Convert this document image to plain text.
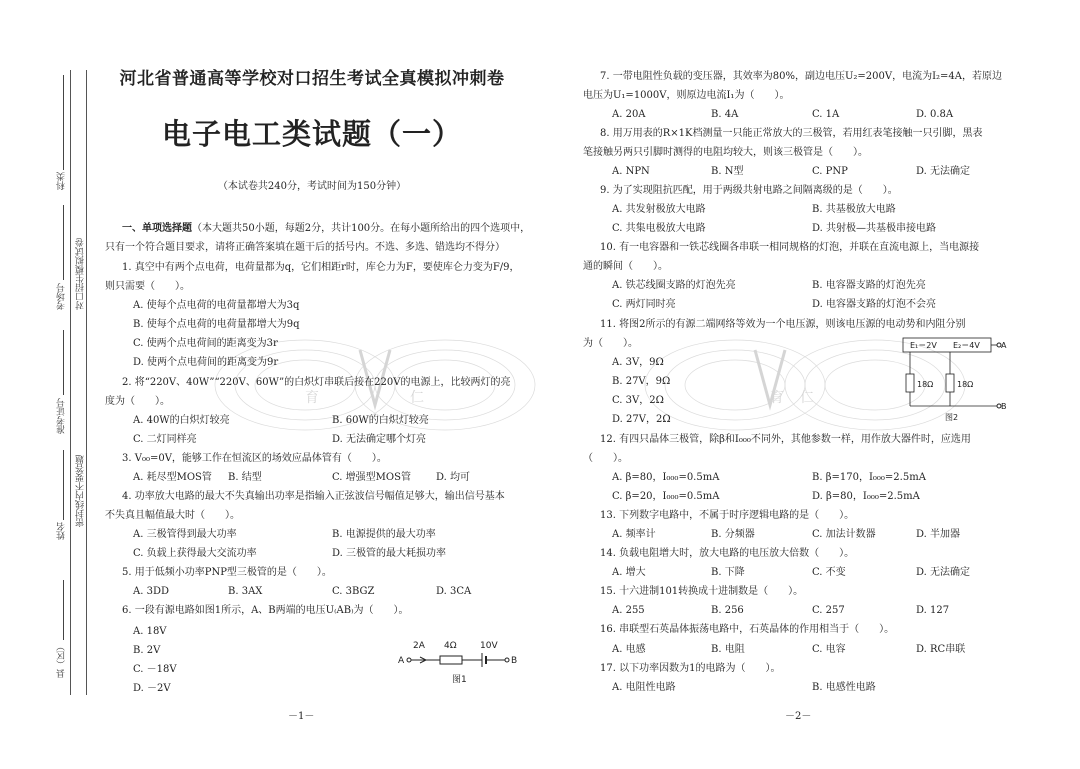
科类
考场号
准考证号
姓名
县（区）
对口招生模拟试卷
密封线内不要答题
育	仁	育 仁
河北省普通高等学校对口招生考试全真模拟冲刺卷
电子电工类试题（一）
（本试卷共240分，考试时间为150分钟）
一、单项选择题（本大题共50小题，每题2分，共计100分。在每小题所给出的四个选项中，
只有一个符合题目要求，请将正确答案填在题干后的括号内。不选、多选、错选均不得分）
1. 真空中有两个点电荷，电荷量都为q，它们相距r时，库仑力为F，要使库仑力变为F/9，
则只需要（　　）。
A. 使每个点电荷的电荷量都增大为3q
B. 使每个点电荷的电荷量都增大为9q
C. 使两个点电荷间的距离变为3r
D. 使两个点电荷间的距离变为9r
2. 将“220V、40W”“220V、60W”的白炽灯串联后接在220V的电源上，比较两灯的亮
度为（　　）。
A. 40W的白炽灯较亮	B. 60W的白炽灯较亮
C. 二灯同样亮	D. 无法确定哪个灯亮
3. V₀₀=0V，能够工作在恒流区的场效应晶体管有（　　）。
A. 耗尽型MOS管 B. 结型	C. 增强型MOS管	D. 均可
4. 功率放大电路的最大不失真输出功率是指输入正弦波信号幅值足够大，输出信号基本
不失真且幅值最大时（　　）。
A. 三极管得到最大功率	B. 电源提供的最大功率
C. 负载上获得最大交流功率	D. 三极管的最大耗损功率
5. 用于低频小功率PNP型三极管的是（　　）。
A. 3DD	B. 3AX	C. 3BGZ	D. 3CA
6. 一段有源电路如图1所示，A、B两端的电压U₍AB₎为（　　）。
A. 18V
B. 2V
C. －18V
D. －2V
2A 4Ω	10V
A	B
图1
－1－
7. 一带电阻性负载的变压器，其效率为80%，副边电压U₂=200V，电流为I₂=4A，若原边
电压为U₁=1000V，则原边电流I₁为（　　）。
A. 20A	B. 4A	C. 1A	D. 0.8A
8. 用万用表的R×1K档测量一只能正常放大的三极管，若用红表笔接触一只引脚，黑表
笔接触另两只引脚时测得的电阻均较大，则该三极管是（　　）。
A. NPN	B. N型	C. PNP	D. 无法确定
9. 为了实现阻抗匹配，用于两级共射电路之间隔离级的是（　　）。
A. 共发射极放大电路	B. 共基极放大电路
C. 共集电极放大电路	D. 共射极—共基极串接电路
10. 有一电容器和一铁芯线圈各串联一相同规格的灯泡，并联在直流电源上，当电源接
通的瞬间（　　）。
A. 铁芯线圈支路的灯泡先亮	B. 电容器支路的灯泡先亮
C. 两灯同时亮	D. 电容器支路的灯泡不会亮
11. 将图2所示的有源二端网络等效为一个电压源，则该电压源的电动势和内阻分别
为（　　）。
A. 3V，9Ω
B. 27V，9Ω
C. 3V，2Ω
D. 27V，2Ω
E₁＝2V E₂＝4V	A
18Ω	18Ω
B
图2
12. 有四只晶体三极管，除β和I₀₀₀不同外，其他参数一样，用作放大器件时，应选用
（　　）。
A. β=80，I₀₀₀=0.5mA	B. β=170，I₀₀₀=2.5mA
C. β=20，I₀₀₀=0.5mA	D. β=80，I₀₀₀=2.5mA
13. 下列数字电路中，不属于时序逻辑电路的是（　　）。
A. 频率计	B. 分频器	C. 加法计数器	D. 半加器
14. 负载电阻增大时，放大电路的电压放大倍数（　　）。
A. 增大	B. 下降	C. 不变	D. 无法确定
15. 十六进制101转换成十进制数是（　　）。
A. 255	B. 256	C. 257	D. 127
16. 串联型石英晶体振荡电路中，石英晶体的作用相当于（　　）。
A. 电感	B. 电阻	C. 电容	D. RC串联
17. 以下功率因数为1的电路为（　　）。
A. 电阻性电路	B. 电感性电路
－2－
